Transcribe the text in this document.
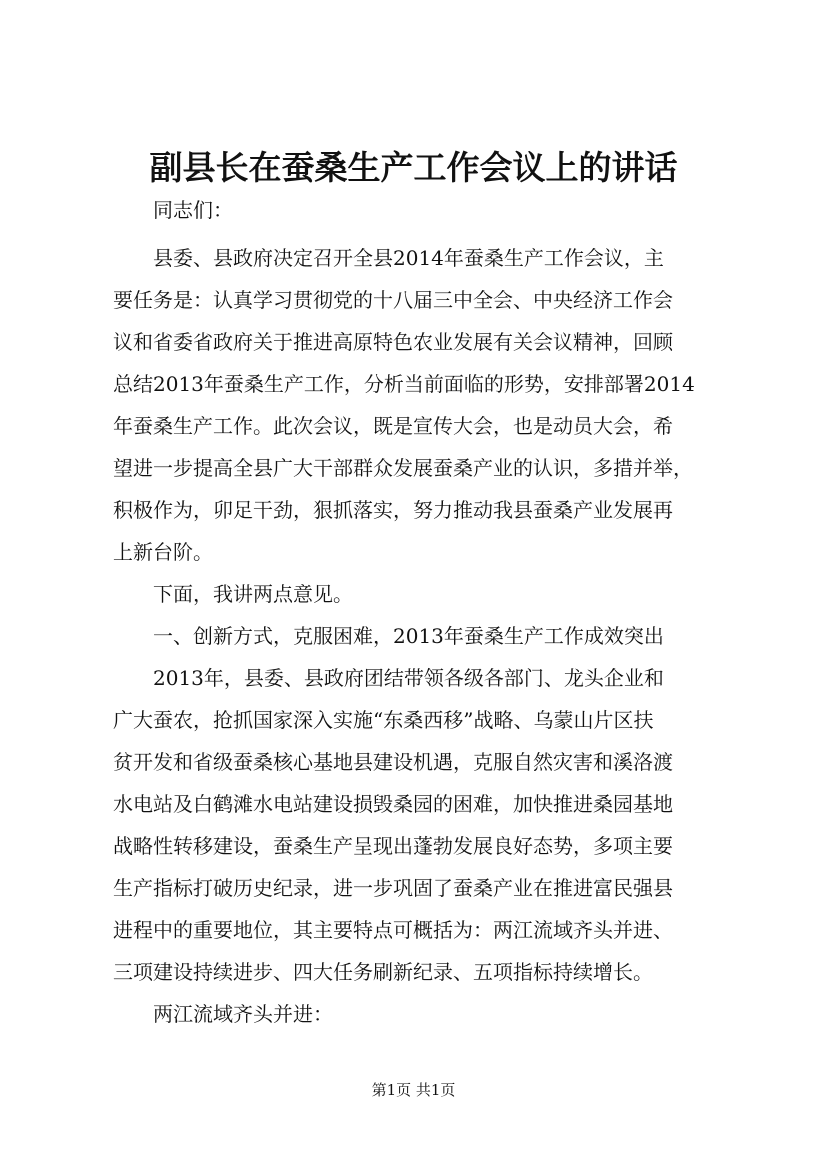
副县长在蚕桑生产工作会议上的讲话
同志们：
县委、县政府决定召开全县2014年蚕桑生产工作会议，主
要任务是：认真学习贯彻党的十八届三中全会、中央经济工作会
议和省委省政府关于推进高原特色农业发展有关会议精神，回顾
总结2013年蚕桑生产工作，分析当前面临的形势，安排部署2014
年蚕桑生产工作。此次会议，既是宣传大会，也是动员大会，希
望进一步提高全县广大干部群众发展蚕桑产业的认识，多措并举，
积极作为，卯足干劲，狠抓落实，努力推动我县蚕桑产业发展再
上新台阶。
下面，我讲两点意见。
一、创新方式，克服困难，2013年蚕桑生产工作成效突出
2013年，县委、县政府团结带领各级各部门、龙头企业和
广大蚕农，抢抓国家深入实施“东桑西移”战略、乌蒙山片区扶
贫开发和省级蚕桑核心基地县建设机遇，克服自然灾害和溪洛渡
水电站及白鹤滩水电站建设损毁桑园的困难，加快推进桑园基地
战略性转移建设，蚕桑生产呈现出蓬勃发展良好态势，多项主要
生产指标打破历史纪录，进一步巩固了蚕桑产业在推进富民强县
进程中的重要地位，其主要特点可概括为：两江流域齐头并进、
三项建设持续进步、四大任务刷新纪录、五项指标持续增长。
两江流域齐头并进：
第1页 共1页
